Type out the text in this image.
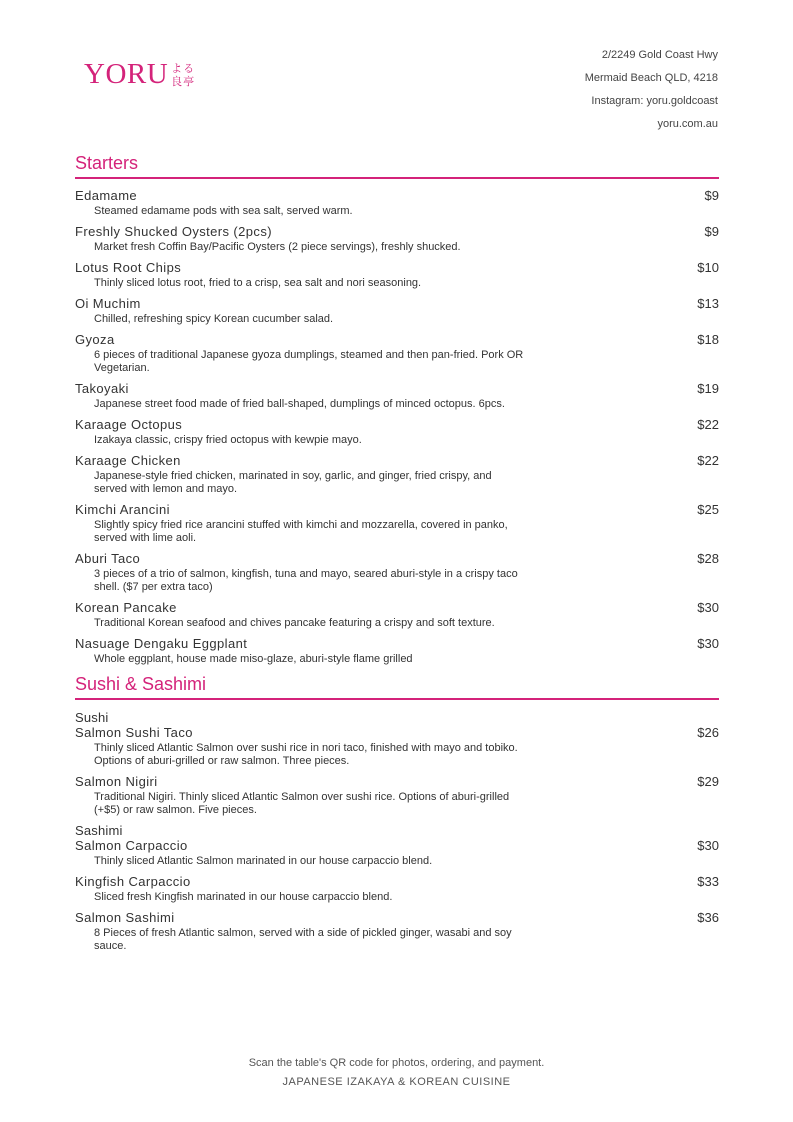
YORU よる
良亭
2/2249 Gold Coast Hwy
Mermaid Beach QLD, 4218
Instagram: yoru.goldcoast
yoru.com.au
Starters
Edamame	$9
Steamed edamame pods with sea salt, served warm.
Freshly Shucked Oysters (2pcs)	$9
Market fresh Coffin Bay/Pacific Oysters (2 piece servings), freshly shucked.
Lotus Root Chips	$10
Thinly sliced lotus root, fried to a crisp, sea salt and nori seasoning.
Oi Muchim	$13
Chilled, refreshing spicy Korean cucumber salad.
Gyoza	$18
6 pieces of traditional Japanese gyoza dumplings, steamed and then pan-fried. Pork OR Vegetarian.
Takoyaki	$19
Japanese street food made of fried ball-shaped, dumplings of minced octopus. 6pcs.
Karaage Octopus	$22
Izakaya classic, crispy fried octopus with kewpie mayo.
Karaage Chicken	$22
Japanese-style fried chicken, marinated in soy, garlic, and ginger, fried crispy, and served with lemon and mayo.
Kimchi Arancini	$25
Slightly spicy fried rice arancini stuffed with kimchi and mozzarella, covered in panko, served with lime aoli.
Aburi Taco	$28
3 pieces of a trio of salmon, kingfish, tuna and mayo, seared aburi-style in a crispy taco shell. ($7 per extra taco)
Korean Pancake	$30
Traditional Korean seafood and chives pancake featuring a crispy and soft texture.
Nasuage Dengaku Eggplant	$30
Whole eggplant, house made miso-glaze, aburi-style flame grilled
Sushi & Sashimi
Sushi
Salmon Sushi Taco	$26
Thinly sliced Atlantic Salmon over sushi rice in nori taco, finished with mayo and tobiko. Options of aburi-grilled or raw salmon. Three pieces.
Salmon Nigiri	$29
Traditional Nigiri. Thinly sliced Atlantic Salmon over sushi rice. Options of aburi-grilled (+$5) or raw salmon. Five pieces.
Sashimi
Salmon Carpaccio	$30
Thinly sliced Atlantic Salmon marinated in our house carpaccio blend.
Kingfish Carpaccio	$33
Sliced fresh Kingfish marinated in our house carpaccio blend.
Salmon Sashimi	$36
8 Pieces of fresh Atlantic salmon, served with a side of pickled ginger, wasabi and soy sauce.
Scan the table's QR code for photos, ordering, and payment.
JAPANESE IZAKAYA & KOREAN CUISINE
